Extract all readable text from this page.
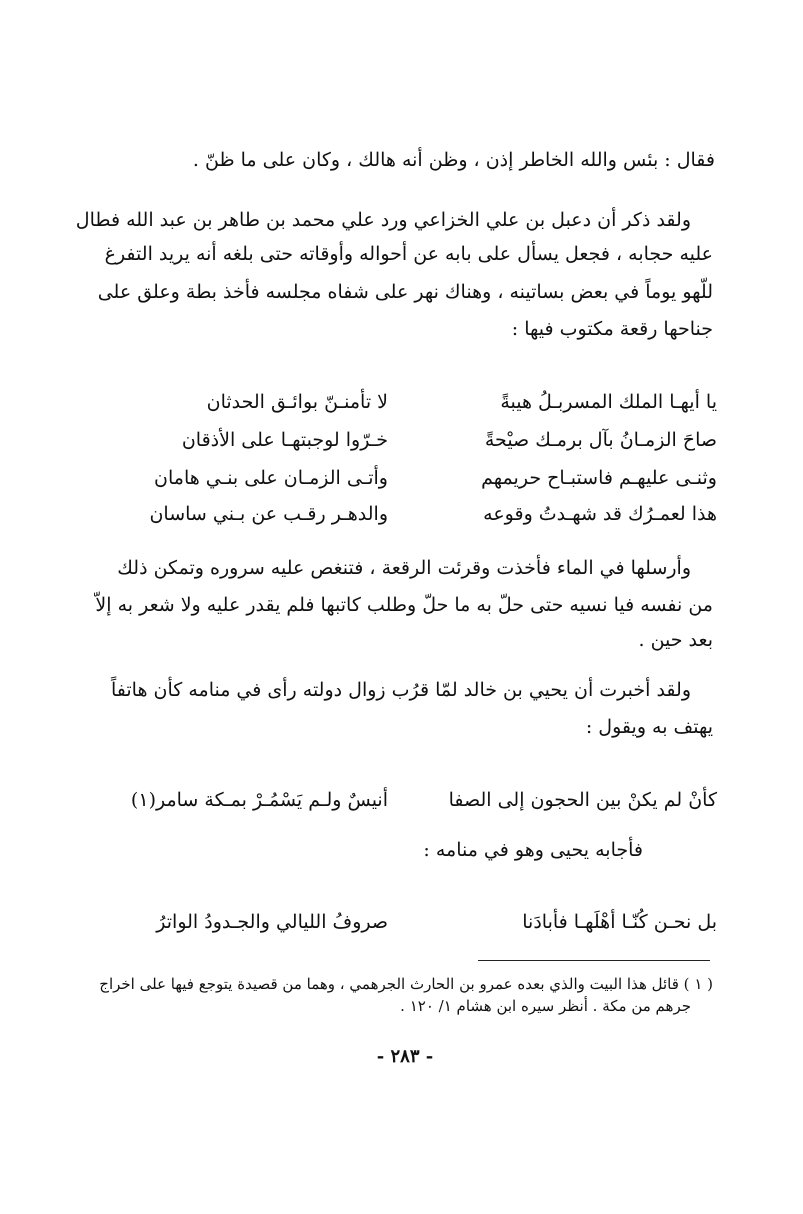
فقال : بئس والله الخاطر إذن ، وظن أنه هالك ، وكان على ما ظنّ .
ولقد ذكر أن دعبل بن علي الخزاعي ورد علي محمد بن طاهر بن عبد الله فطال
عليه حجابه ، فجعل يسأل على بابه عن أحواله وأوقاته حتى بلغه أنه يريد التفرغ
للّهو يوماً في بعض بساتينه ، وهناك نهر على شفاه مجلسه فأخذ بطة وعلق على
جناحها رقعة مكتوب فيها :
يا أيهـا الملك المسربـلُ هيبةً
لا تأمنـنّ بوائـق الحدثان
صاحَ الزمـانُ بآل برمـك صيْحةً
خـرّوا لوجبتهـا على الأذقان
وثنـى عليهـم فاستبـاح حريمهم
وأتـى الزمـان على بنـي هامان
هذا لعمـرُك قد شهـدتُ وقوعه
والدهـر رقـب عن بـني ساسان
وأرسلها في الماء فأخذت وقرئت الرقعة ، فتنغص عليه سروره وتمكن ذلك
من نفسه فيا نسيه حتى حلّ به ما حلّ وطلب كاتبها فلم يقدر عليه ولا شعر به إلاّ
بعد حين .
ولقد أخبرت أن يحيي بن خالد لمّا قرُب زوال دولته رأى في منامه كأن هاتفاً
يهتف به ويقول :
كأنْ لم يكنْ بين الحجون إلى الصفا
أنيسٌ ولـم يَسْمُـرْ بمـكة سامر(١)
فأجابه يحيى وهو في منامه :
بل نحـن كُنّـا أهْلَهـا فأبادَنا
صروفُ الليالي والجـدودُ الواترُ
( ١ ) قائل هذا البيت والذي بعده عمرو بن الحارث الجرهمي ، وهما من قصيدة يتوجع فيها على اخراج
جرهم من مكة . أنظر سيره ابن هشام ١/ ١٢٠ .
- ٢٨٣ -
